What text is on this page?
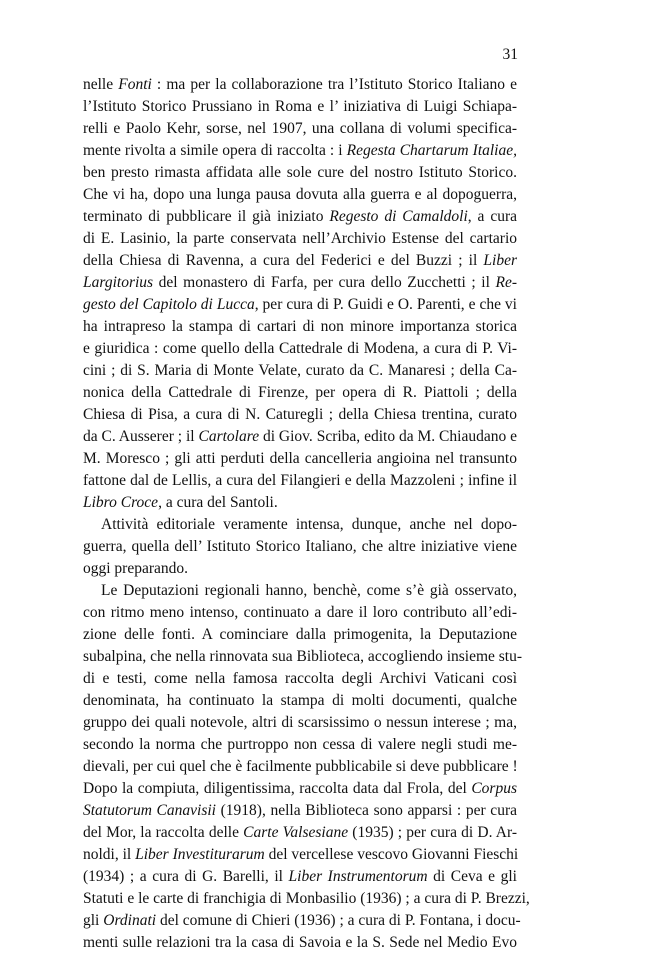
31
nelle Fonti : ma per la collaborazione tra l’Istituto Storico Italiano e
l’Istituto Storico Prussiano in Roma e l’ iniziativa di Luigi Schiapa-
relli e Paolo Kehr, sorse, nel 1907, una collana di volumi specifica-
mente rivolta a simile opera di raccolta : i Regesta Chartarum Italiae,
ben presto rimasta affidata alle sole cure del nostro Istituto Storico.
Che vi ha, dopo una lunga pausa dovuta alla guerra e al dopoguerra,
terminato di pubblicare il già iniziato Regesto di Camaldoli, a cura
di E. Lasinio, la parte conservata nell’Archivio Estense del cartario
della Chiesa di Ravenna, a cura del Federici e del Buzzi ; il Liber
Largitorius del monastero di Farfa, per cura dello Zucchetti ; il Re-
gesto del Capitolo di Lucca, per cura di P. Guidi e O. Parenti, e che vi
ha intrapreso la stampa di cartari di non minore importanza storica
e giuridica : come quello della Cattedrale di Modena, a cura di P. Vi-
cini ; di S. Maria di Monte Velate, curato da C. Manaresi ; della Ca-
nonica della Cattedrale di Firenze, per opera di R. Piattoli ; della
Chiesa di Pisa, a cura di N. Caturegli ; della Chiesa trentina, curato
da C. Ausserer ; il Cartolare di Giov. Scriba, edito da M. Chiaudano e
M. Moresco ; gli atti perduti della cancelleria angioina nel transunto
fattone dal de Lellis, a cura del Filangieri e della Mazzoleni ; infine il
Libro Croce, a cura del Santoli.
Attività editoriale veramente intensa, dunque, anche nel dopo-
guerra, quella dell’ Istituto Storico Italiano, che altre iniziative viene
oggi preparando.
Le Deputazioni regionali hanno, benchè, come s’è già osservato,
con ritmo meno intenso, continuato a dare il loro contributo all’edi-
zione delle fonti. A cominciare dalla primogenita, la Deputazione
subalpina, che nella rinnovata sua Biblioteca, accogliendo insieme stu-
di e testi, come nella famosa raccolta degli Archivi Vaticani così
denominata, ha continuato la stampa di molti documenti, qualche
gruppo dei quali notevole, altri di scarsissimo o nessun interese ; ma,
secondo la norma che purtroppo non cessa di valere negli studi me-
dievali, per cui quel che è facilmente pubblicabile si deve pubblicare !
Dopo la compiuta, diligentissima, raccolta data dal Frola, del Corpus
Statutorum Canavisii (1918), nella Biblioteca sono apparsi : per cura
del Mor, la raccolta delle Carte Valsesiane (1935) ; per cura di D. Ar-
noldi, il Liber Investiturarum del vercellese vescovo Giovanni Fieschi
(1934) ; a cura di G. Barelli, il Liber Instrumentorum di Ceva e gli
Statuti e le carte di franchigia di Monbasilio (1936) ; a cura di P. Brezzi,
gli Ordinati del comune di Chieri (1936) ; a cura di P. Fontana, i docu-
menti sulle relazioni tra la casa di Savoia e la S. Sede nel Medio Evo
